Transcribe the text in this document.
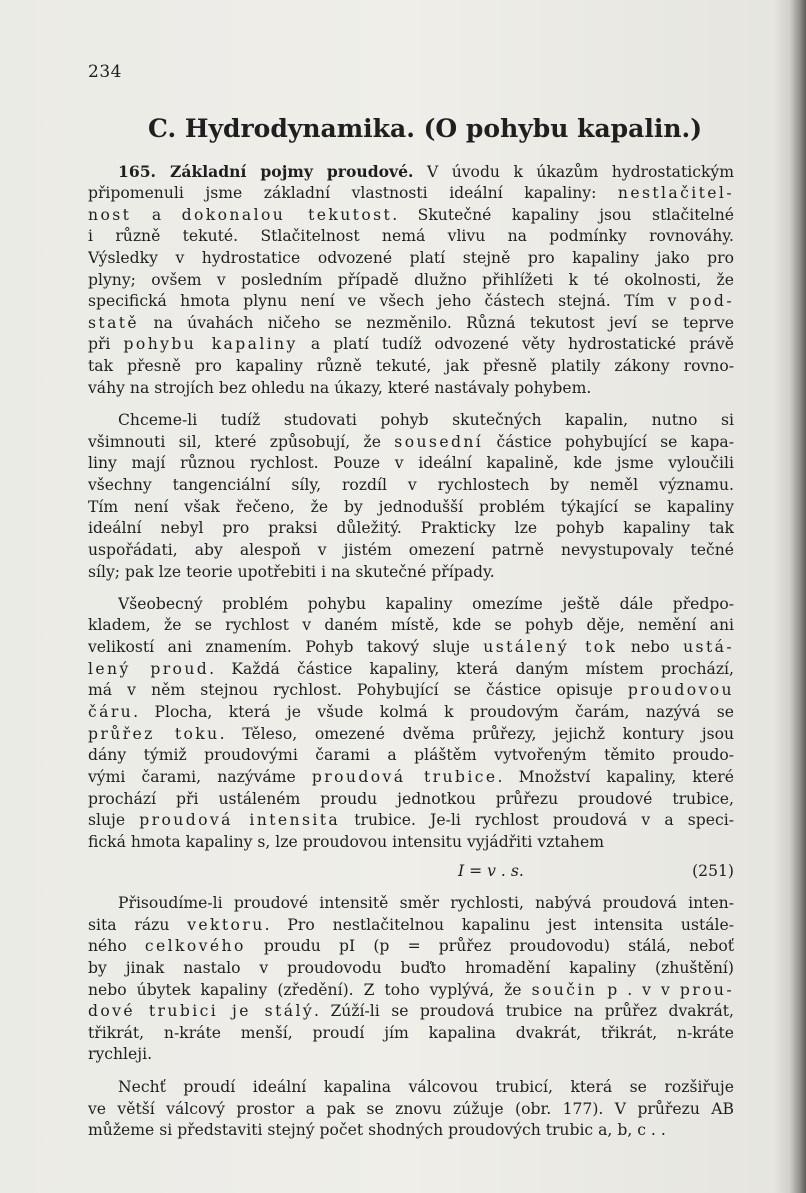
234
C. Hydrodynamika. (O pohybu kapalin.)
165. Základní pojmy proudové. V úvodu k úkazům hydrostatickým
připomenuli jsme základní vlastnosti ideální kapaliny: nestlačitel-
nost a dokonalou tekutost. Skutečné kapaliny jsou stlačitelné
i různě tekuté. Stlačitelnost nemá vlivu na podmínky rovnováhy.
Výsledky v hydrostatice odvozené platí stejně pro kapaliny jako pro
plyny; ovšem v posledním případě dlužno přihlížeti k té okolnosti, že
specifická hmota plynu není ve všech jeho částech stejná. Tím v pod-
statě na úvahách ničeho se nezměnilo. Různá tekutost jeví se teprve
při pohybu kapaliny a platí tudíž odvozené věty hydrostatické právě
tak přesně pro kapaliny různě tekuté, jak přesně platily zákony rovno-
váhy na strojích bez ohledu na úkazy, které nastávaly pohybem.
Chceme-li tudíž studovati pohyb skutečných kapalin, nutno si
všimnouti sil, které způsobují, že sousední částice pohybující se kapa-
liny mají různou rychlost. Pouze v ideální kapalině, kde jsme vyloučili
všechny tangenciální síly, rozdíl v rychlostech by neměl významu.
Tím není však řečeno, že by jednodušší problém týkající se kapaliny
ideální nebyl pro praksi důležitý. Prakticky lze pohyb kapaliny tak
uspořádati, aby alespoň v jistém omezení patrně nevystupovaly tečné
síly; pak lze teorie upotřebiti i na skutečné případy.
Všeobecný problém pohybu kapaliny omezíme ještě dále předpo-
kladem, že se rychlost v daném místě, kde se pohyb děje, nemění ani
velikostí ani znamením. Pohyb takový sluje ustálený tok nebo ustá-
lený proud. Každá částice kapaliny, která daným místem prochází,
má v něm stejnou rychlost. Pohybující se částice opisuje proudovou
čáru. Plocha, která je všude kolmá k proudovým čarám, nazývá se
průřez toku. Těleso, omezené dvěma průřezy, jejichž kontury jsou
dány týmiž proudovými čarami a pláštěm vytvořeným těmito proudo-
vými čarami, nazýváme proudová trubice. Množství kapaliny, které
prochází při ustáleném proudu jednotkou průřezu proudové trubice,
sluje proudová intensita trubice. Je-li rychlost proudová v a speci-
fická hmota kapaliny s, lze proudovou intensitu vyjádřiti vztahem
Přisoudíme-li proudové intensitě směr rychlosti, nabývá proudová inten-
sita rázu vektoru. Pro nestlačitelnou kapalinu jest intensita ustále-
ného celkového proudu pI (p = průřez proudovodu) stálá, neboť
by jinak nastalo v proudovodu buďto hromadění kapaliny (zhuštění)
nebo úbytek kapaliny (zředění). Z toho vyplývá, že součin p . v v prou-
dové trubici je stálý. Zúží-li se proudová trubice na průřez dvakrát,
třikrát, n-kráte menší, proudí jím kapalina dvakrát, třikrát, n-kráte
rychleji.
Nechť proudí ideální kapalina válcovou trubicí, která se rozšiřuje
ve větší válcový prostor a pak se znovu zúžuje (obr. 177). V průřezu AB
můžeme si představiti stejný počet shodných proudových trubic a, b, c . .
I = v . s.	(251)
